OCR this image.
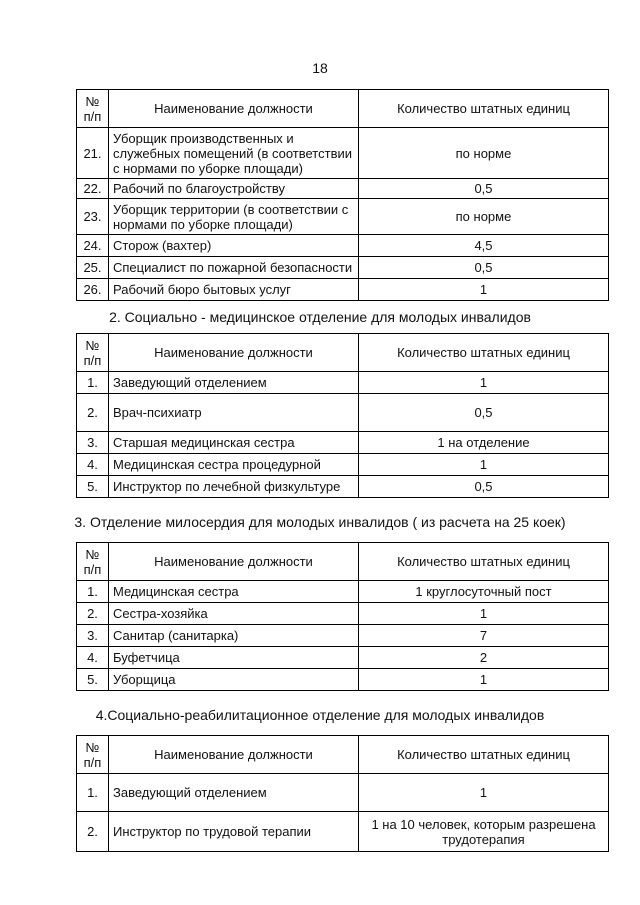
18
№
п/п	Наименование должности	Количество штатных единиц
21.	Уборщик производственных и служебных помещений (в соответствии с нормами по уборке площади)	по норме
22.	Рабочий по благоустройству	0,5
23.	Уборщик территории (в соответствии с нормами по уборке площади)	по норме
24.	Сторож (вахтер)	4,5
25.	Специалист по пожарной безопасности	0,5
26.	Рабочий бюро бытовых услуг	1
2. Социально - медицинское отделение для молодых инвалидов
№
п/п	Наименование должности	Количество штатных единиц
1.	Заведующий отделением	1
2.	Врач-психиатр	0,5
3.	Старшая медицинская сестра	1 на отделение
4.	Медицинская сестра процедурной	1
5.	Инструктор по лечебной физкультуре	0,5
3. Отделение милосердия для молодых инвалидов ( из расчета на 25 коек)
№
п/п	Наименование должности	Количество штатных единиц
1.	Медицинская сестра	1 круглосуточный пост
2.	Сестра-хозяйка	1
3.	Санитар (санитарка)	7
4.	Буфетчица	2
5.	Уборщица	1
4.Социально-реабилитационное отделение для молодых инвалидов
№
п/п	Наименование должности	Количество штатных единиц
1.	Заведующий отделением	1
2.	Инструктор по трудовой терапии	1 на 10 человек, которым разрешена трудотерапия
